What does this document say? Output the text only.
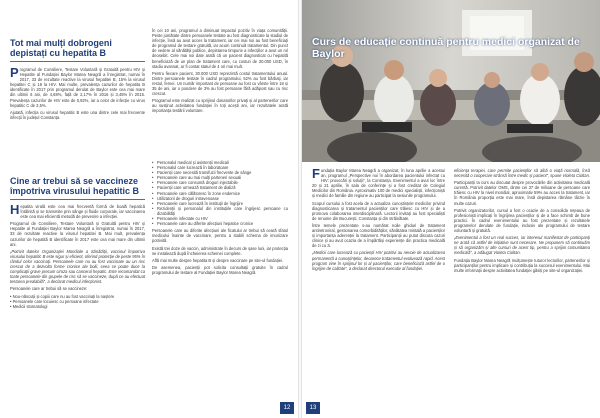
Tot mai mulți dobrogeni depistați cu hepatita B

Programul de Consiliere, Testare Voluntară și Gratuită pentru HIV și Hepatite al Fundației Baylor Marea Neagră a înregistrat, numai în 2017, 33 de rezultate reactive la virusul hepatitei B, 15% la virusul hepatitei C și 18 la HIV. Mai multe, prevalența cazurilor de hepatita B identificate în 2017 prin programul derulat de Baylor este cea mai mare din ultimii 6 ani, de 4,68%, față de 2,17% în 2016 și 3,45% în 2015. Prevalența cazurilor de HIV este de 0,92%, iar a celor de infecție cu virus hepatitic C de 3,5%.

Ajutată, infecția cu virusul hepatitic B este una dintre cele mai frecvente infecții în județul Constanța.

În cei 10 ani, programul a diminuat impactul pozitiv în viața comunității. Peste jumătate dintre persoanele testate au fost diagnosticate la stadiul de infecție, însă au avut acces la tratament, iar cei mai noi au fost beneficiați de programul de testare gratuită, iar acum continuă tratamentul. Din punct de vedere al sănătății publice, depistarea timpurie a infecțiilor a avut un rol deosebit. Cele mai noi date arată că un pacient diagnosticat cu hepatită beneficiază de un plan de tratament care, cu costuri de 30.000 USD, în stadiu avansat, ar fi costat statul de 4 ori mai mult.

Pentru fiecare pacient, 30.000 USD reprezintă costul tratamentului anual. Dintre persoanele testate în cadrul programului, 52% au fost bărbați, iar restul, femei. Un număr important de persoane au fost cu vârste între 18 și 35 de ani, iar o pondere de 3% au fost persoane fără adăpost sau cu risc crescut.

Programul este realizat cu sprijinul donatorilor privați și al partenerilor care au susținut activitatea fundației în toți acești ani, iar rezultatele arată importanța testării voluntare.

Cine ar trebui să se vaccineze împotriva virusului hepatitic B

Hepatita virală este cea mai frecventă formă de boală hepatică întâlnită și se transmite prin sânge și fluide corporale, iar vaccinarea este cea mai eficientă metodă de prevenire a infecției.

Programul de Consiliere, Testare Voluntară și Gratuită pentru HIV și Hepatite al Fundației Baylor Marea Neagră a înregistrat, numai în 2017, 33 de rezultate reactive la virusul hepatitei B. Mai mult, prevalența cazurilor de hepatită B identificate în 2017 este cea mai mare din ultimii ani.

„Potrivit datelor Organizației Mondiale a Sănătății, vaccinul împotriva virusului hepatitic B este sigur și eficient, oferind protecție de peste 95% în rândul celor vaccinați. Persoanele care nu au fost vaccinate au un risc crescut de a dezvolta forme cronice ale bolii, ceea ce poate duce la complicații grave precum ciroza sau cancerul hepatic. Este recomandat ca toate persoanele din grupele de risc să se vaccineze, după ce au efectuat testarea prealabilă”, a declarat medicul infecționist.

Persoanele care ar trebui să se vaccineze:

• Nou-născuții și copiii care nu au fost vaccinați la naștere

• Persoanele care locuiesc cu persoane infectate

• Medicii stomatologi

• Personalul medical și asistenții medicali
• Personalul care lucrează în laboratoare
• Pacienții care necesită transfuzii frecvente de sânge
• Persoanele care au mai mulți parteneri sexuali
• Persoanele care consumă droguri injectabile
• Pacienții care urmează tratament de dializă
• Persoanele care călătoresc în zone endemice
• Utilizatorii de droguri intravenoase
• Persoanele care lucrează în instituții de îngrijire
• Rezidenții și personalul din instituțiile care îngrijesc persoane cu dizabilități
• Persoanele infectate cu HIV
• Persoanele care au diferite afecțiuni hepatice cronice

Persoanele care au diferite afecțiuni ale ficatului ar trebui să ceară sfatul medicului înainte de vaccinare, pentru a stabili schema de imunizare potrivită.

Există trei doze de vaccin, administrate în decurs de șase luni, iar protecția se instalează după încheierea schemei complete.

Află mai multe despre hepatita B și despre vaccinare pe site-ul fundației.

De asemenea, pacienții pot solicita consultații gratuite în cadrul programului de testare al Fundației Baylor Marea Neagră.

12
Curs de educație continuă pentru medici organizat de Baylor

Fundația Baylor Marea Neagră a organizat, în luna aprilie a acestui an, programul „Perspective noi în abordarea pacientului infectat cu HIV: provocări și soluții”, la Constanța. Evenimentul a avut loc între 20 și 21 aprilie, în sala de conferințe și a fost creditat de Colegiul Medicilor din România. Aproximativ 100 de medici specialiști, infecționiști și medici de familie din regiune au participat la sesiunile programului.

Scopul cursului a fost acela de a actualiza cunoștințele medicilor privind diagnosticarea și tratamentul pacienților care trăiesc cu HIV și de a promova colaborarea interdisciplinară. Lectorii invitați au fost specialiști de renume din București, Constanța și din străinătate.

Între temele prezentate s-au numărat noile ghiduri de tratament antiretroviral, gestionarea comorbidităților, sănătatea mintală a pacienților și importanța aderenței la tratament. Participanții au putut discuta cazuri clinice și au avut ocazia de a împărtăși experiențe din practica medicală de zi cu zi.

„Medicii care lucrează cu pacienții HIV pozitivi au nevoie de actualizarea permanentă a cunoștințelor, deoarece tratamentul evoluează rapid. Acest program vine în sprijinul lor și al pacienților, care beneficiază astfel de o îngrijire de calitate”, a declarat directorul executiv al fundației.

eficiența terapiei, care permite pacienților să aibă o viață normală, însă necesită o cooperare strânsă între medic și pacient”, spune Violeta Cioltan.

Participanții la curs au discutat despre provocările din activitatea medicală curentă. Potrivit datelor OMS, dintre cei 37 de milioane de persoane care trăiesc cu HIV la nivel mondial, aproximativ 59% au acces la tratament, iar în România proporția este mai mare, însă depistarea rămâne târzie în multe cazuri.

Potrivit organizatorilor, cursul a fost o ocazie de a consolida rețeaua de profesioniști implicați în îngrijirea pacienților și de a face schimb de bune practici. În cadrul evenimentului au fost prezentate și rezultatele programelor derulate de fundație, inclusiv ale programului de testare voluntară și gratuită.

„Evenimentul a fost un real succes, iar interesul manifestat de participanți ne arată că astfel de inițiative sunt necesare. Ne propunem să continuăm și să organizăm și alte cursuri de acest tip, pentru a sprijini comunitatea medicală”, a adăugat Violeta Cioltan.

Fundația Baylor Marea Neagră mulțumește tuturor lectorilor, partenerilor și participanților pentru implicare și contribuția la succesul evenimentului. Mai multe informații despre activitatea fundației găsiți pe site-ul organizației.

13
